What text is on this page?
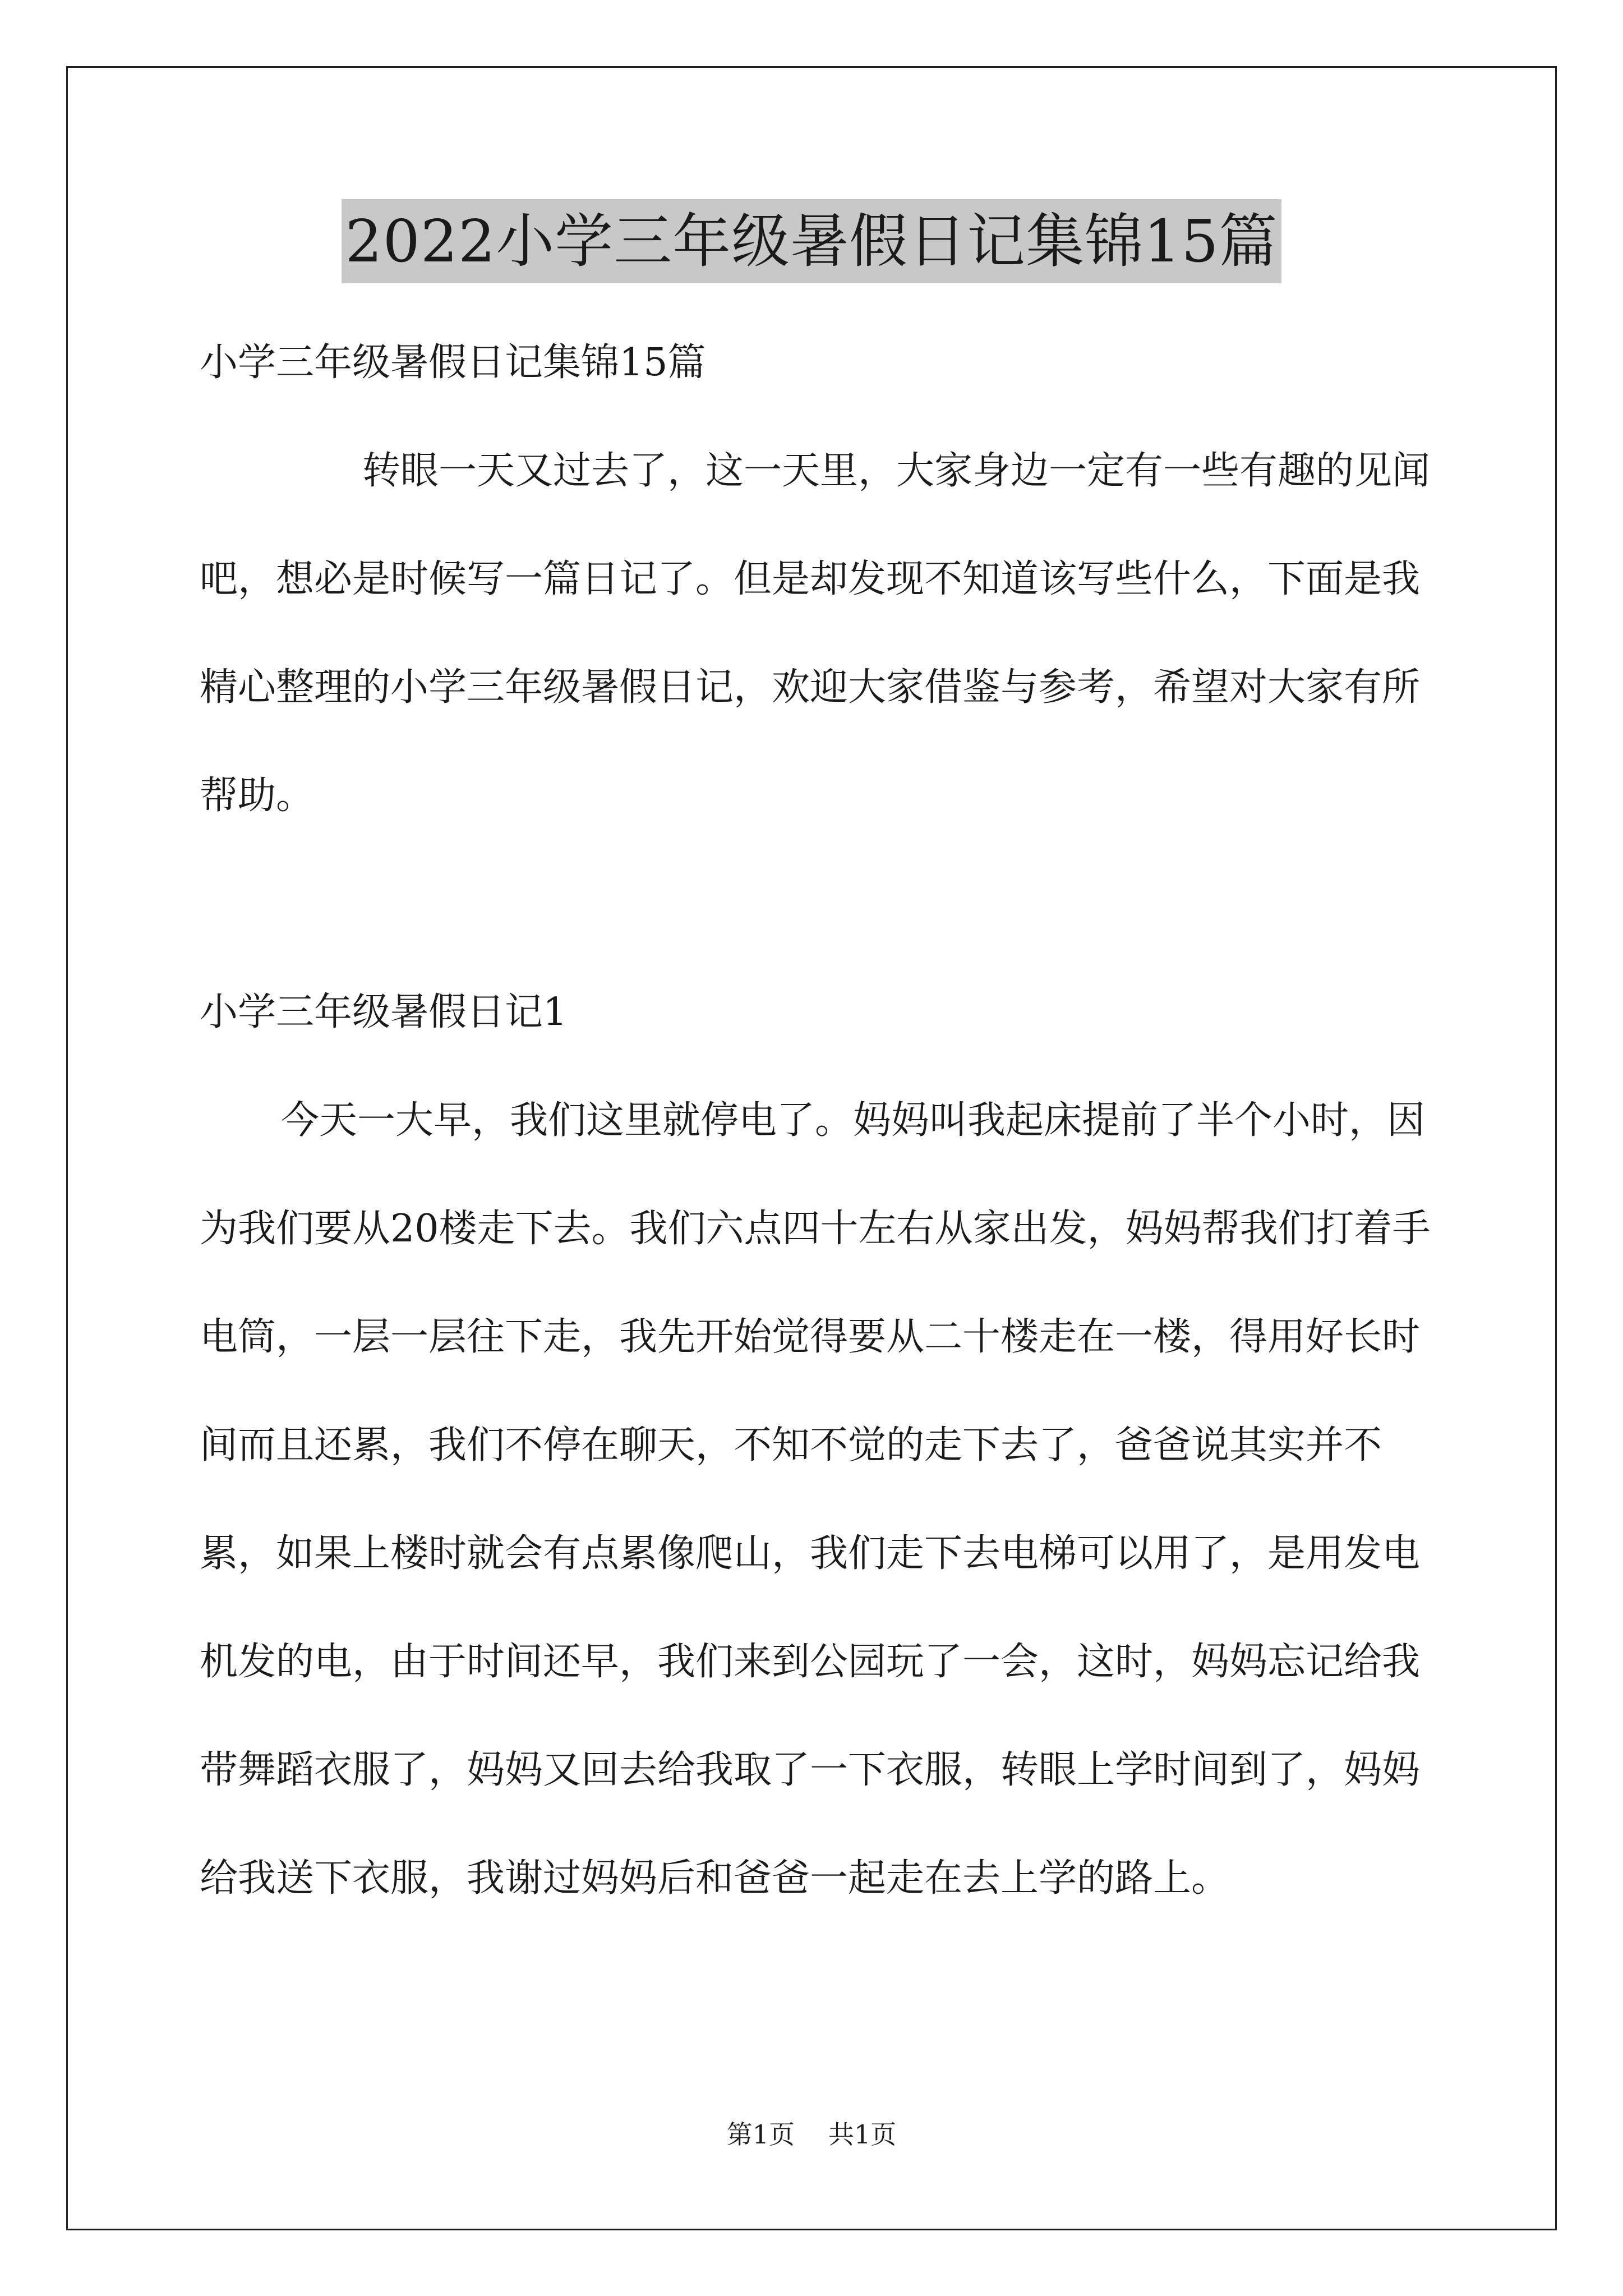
2022小学三年级暑假日记集锦15篇

小学三年级暑假日记集锦15篇

转眼一天又过去了，这一天里，大家身边一定有一些有趣的见闻吧，想必是时候写一篇日记了。但是却发现不知道该写些什么，下面是我精心整理的小学三年级暑假日记，欢迎大家借鉴与参考，希望对大家有所帮助。

小学三年级暑假日记1

今天一大早，我们这里就停电了。妈妈叫我起床提前了半个小时，因为我们要从20楼走下去。我们六点四十左右从家出发，妈妈帮我们打着手电筒，一层一层往下走，我先开始觉得要从二十楼走在一楼，得用好长时间而且还累，我们不停在聊天，不知不觉的走下去了，爸爸说其实并不累，如果上楼时就会有点累像爬山，我们走下去电梯可以用了，是用发电机发的电，由于时间还早，我们来到公园玩了一会，这时，妈妈忘记给我带舞蹈衣服了，妈妈又回去给我取了一下衣服，转眼上学时间到了，妈妈给我送下衣服，我谢过妈妈后和爸爸一起走在去上学的路上。

第1页 共1页
